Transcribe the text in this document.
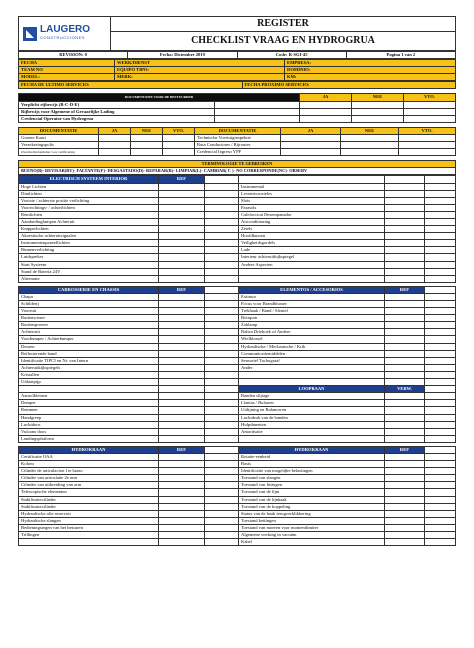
LAUGERO
CONSTRUCCIONES
	REGISTER
CHECKLIST VRAAG EN HYDROGRUA
REVISION: 0	Fecha: Diciembre 2019	Code: R-SGI-45	Pagina 1 van 2
FECHA	WERK/DIENST	EMPRESA:
TEAM NO	EQUIPO TIPO:	DOMINIO:
MODEL:	MERK:	KM:
FECHA DE ULTIMO SERVICIO:	FECHA PROXIMO SERVICIO:
DOCUMENTATIE VOOR DE BESTUURDER		JA	NEE	VTO.
Verplicht rijbewijs (B-C-D-E)				
Rijbewijs voor Algemene of Gevaarlijke Lading				
Credencial Operator van Hydrogrua				
DOCUMENTATIE	JA	NEE	VTO.	DOCUMENTATIE	JA	NEE	VTO.
Groene Kaart				Technische Voertuiginspektie			
Verzekeringspolis				Ruta Conductores / Rijroutes			
Overdrachtsformulier voor certificering				Credencial Ingreso YPF			
TERMINOLOGIE TE GEBRUIKEN
BUENO(B)- REVISAR(RV)- FALTANTE(F)- DESGASTADO(D)- REPARAR(R)- LIMPIAR(L)- CAMBIAR( C )- NO CORRESPONDE(NC)- OBSERV
ELECTRISCH SYSTEEM INTERIOR	REF				
Hoge Lichten			Instrumental		
Dimlichten			Leventecrosieles		
Voorste / achterste positie verlichting			Slots		
Voorrichtings- / achterlichten			Parasols		
Remlichten			Calefaccion Desempanador		
Aanduidinglampen Achteruit			Airconditioning		
Knipperlichten			Zetels		
Akoestische achteruitsignalen			Hoofdkussen		
Instrumentenpaneellichten			Veiligheidsgordels		
Binnenverlichting			Lade		
Luidspreker			Interieur achteruitkijkspiegel		
Start Systeem			Andere Aspecten		
Stand de Bateria 24V					
Alternator					

CARROSSERIE EN CHASSIS	REF		ELEMENTOS / ACCESORIOS	REF	
Chapa			Extintor		
Schilderij			Focus voor Brandblusser		
Voorruit			Trekhaak / Band / Sleutel		
Ruitenwisser			Botiquin		
Ruitensproeier			Zaklamp		
Achterruit			Baliza Driehoek of Andere		
Voorbumper / Achterbumper			Wielklossel		
Deuren			Hydraulische / Mechanische / Krik		
Reflecterende band			Communicatiemiddelen		
Identificatie TIPCI en Nr. van Intern			Sensoriel Tachograaf		
Achteruitkijkspiegels			Ander		
Kristallen					
Uitlaatpijp					
			LOOPBAAN	VERW.	
Aanrolkleinen			Banden slijtage		
Demper			Llantas / Bulonen		
Remmen			Uitlijning en Balanceren		
Handgreep			Luchtdruk van de banden		
Luchtdoos			Hulpdmenten		
Vulcano doos			Amortisatie		
Landingsplatform					

HYDROKRAAN	REF		HYDROKRAAN	REF	
Certificatie OAA			Rotatie-eenheid		
Kolom			Basis		
Cilinder de articulacion 1er brazo			Identificatie van mogelijke belastingen		
Cilinder van articulatie 2e arm			Toestand van slangen		
Cilinder van uitbreiding van arm			Toestand van fittingen		
Telescopische elementen			Toestand van de lijm		
Stabilisatorcilinder			Toestand van de lijnhaak		
Stabilisatorcilinder			Toestand van de koppeling		
Hydraulische olie reservoir			Status van de haak terugverklikkering		
Hydraulische slangen			Toestand kettingen		
Bedieningstegen van het besturen			Toestand van moeren voor momentlimiter		
Trillingen			Algemene werking in vacuüm		
			Kabel		
